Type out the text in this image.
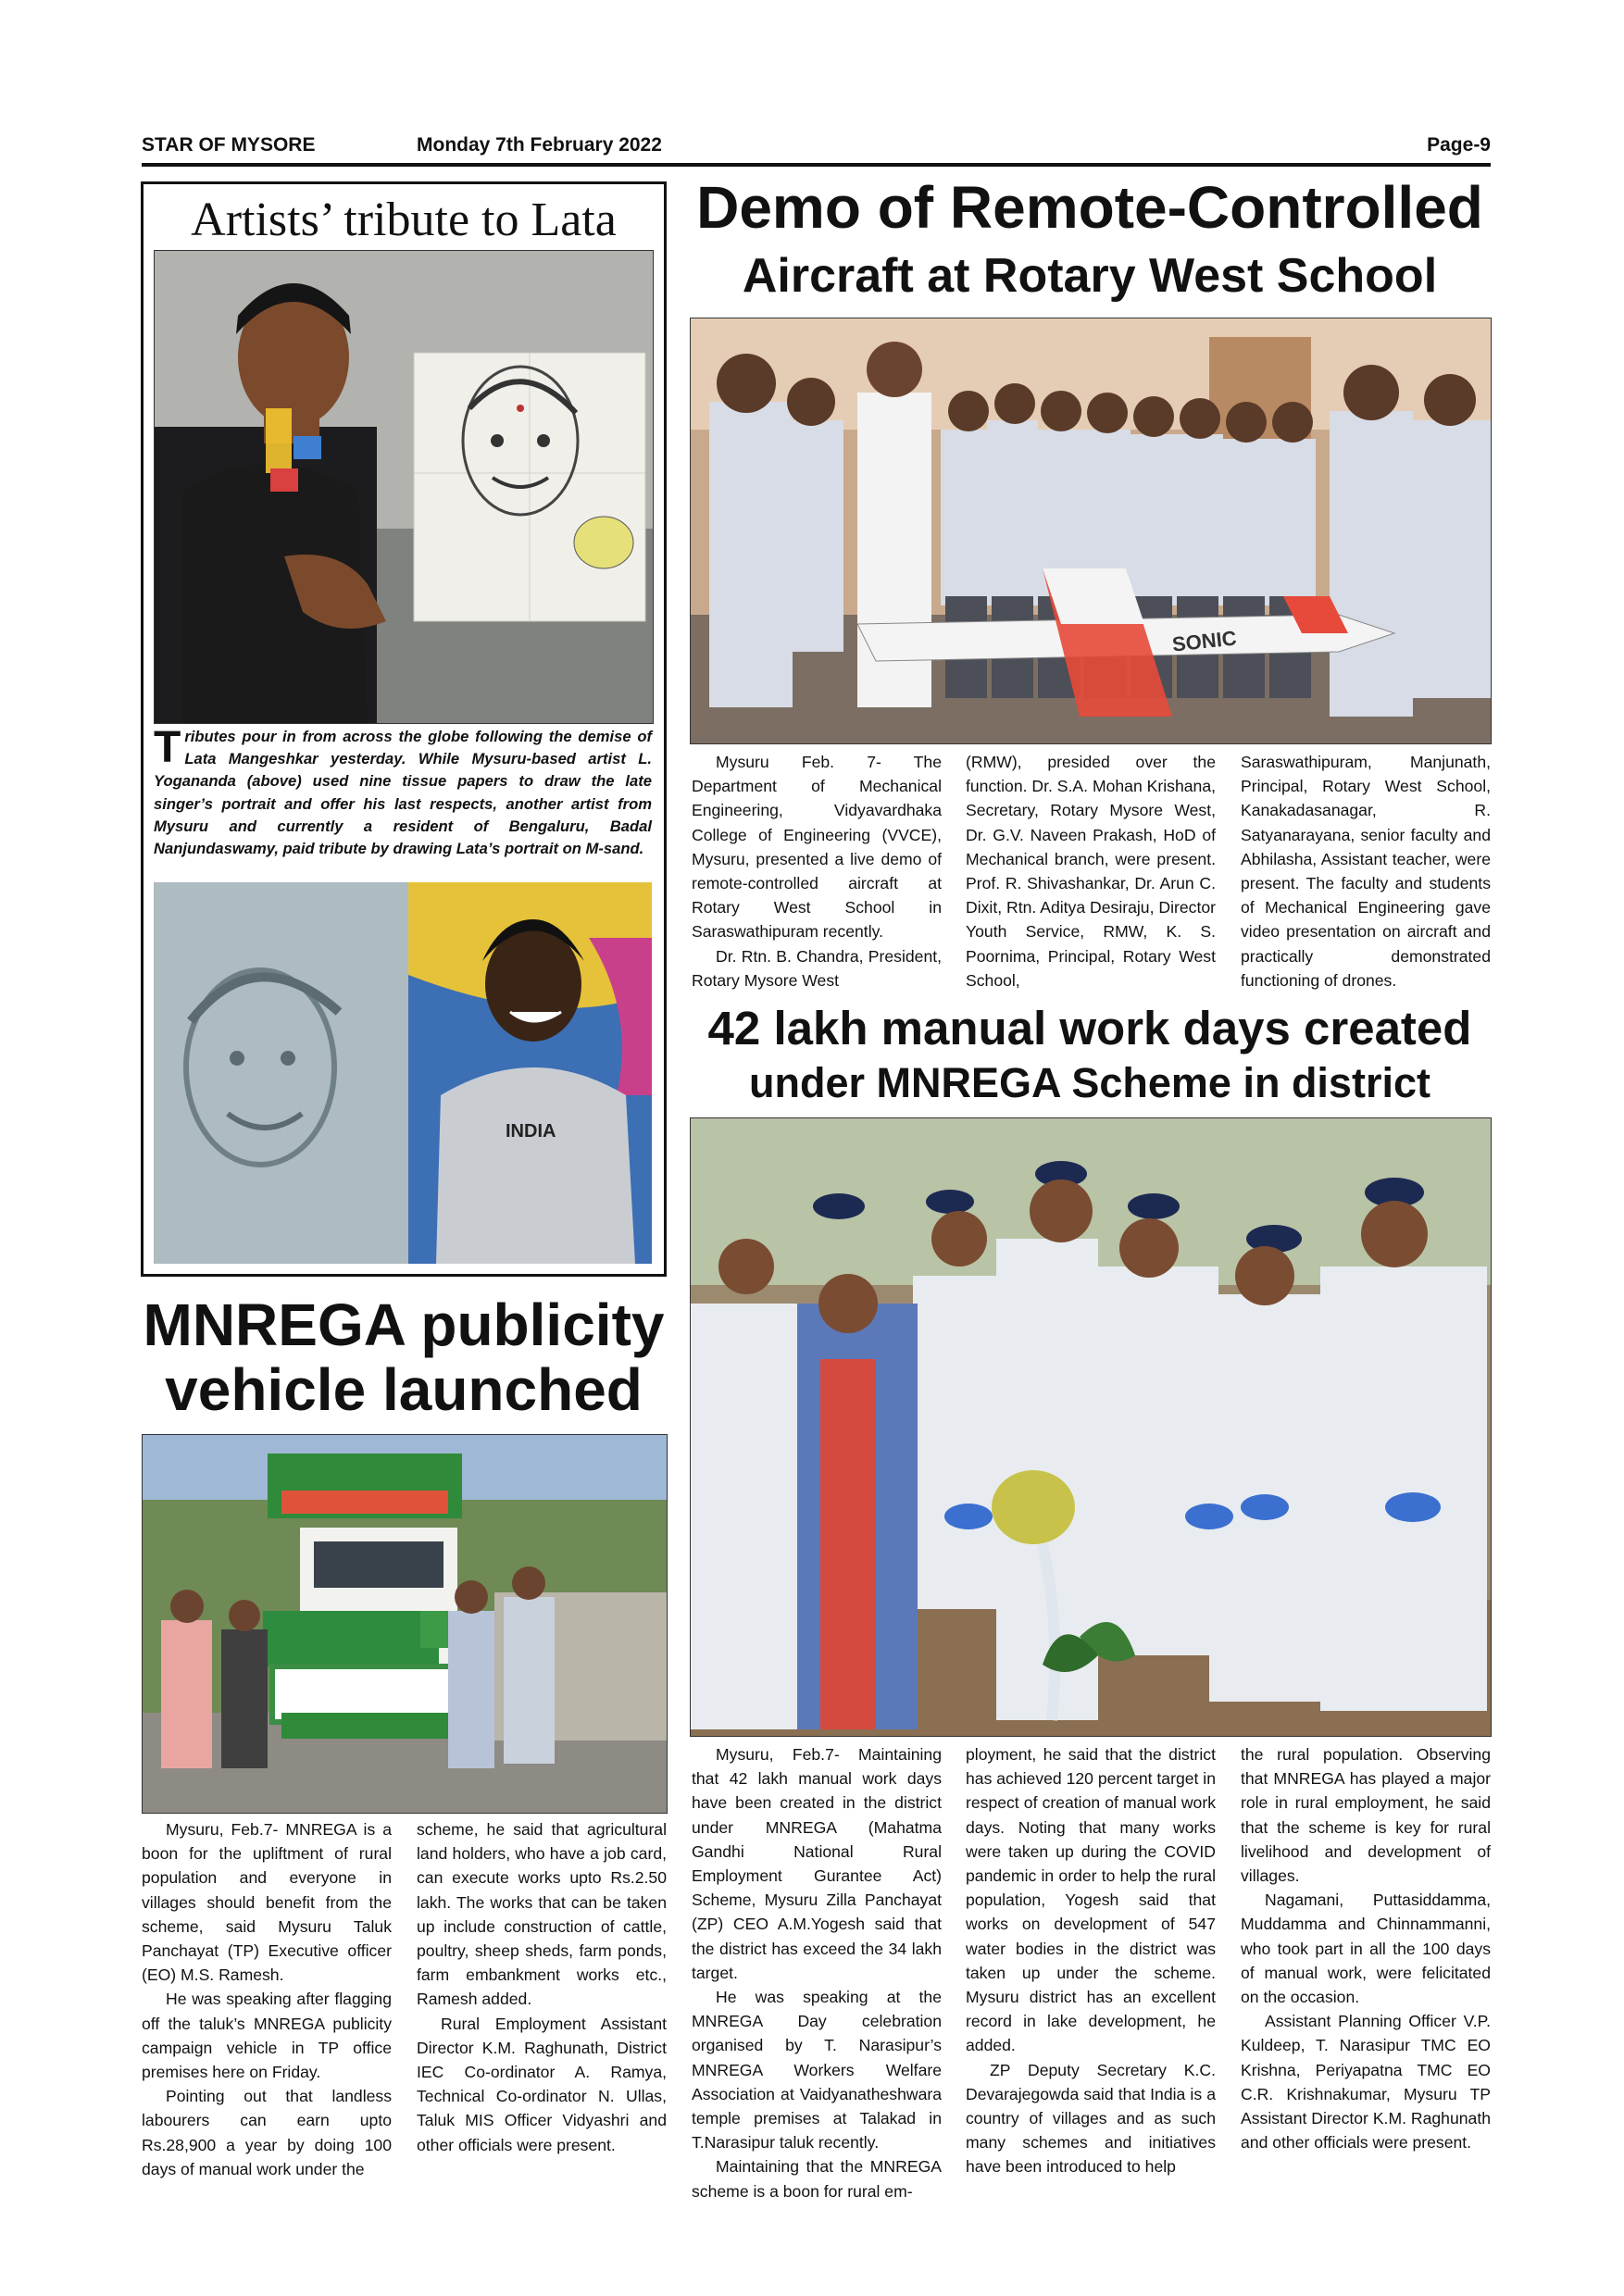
STAR OF MYSORE	Monday 7th February 2022	Page-9
Artists’ tribute to Lata
Tributes pour in from across the globe following the demise of Lata Mangeshkar yesterday. While Mysuru-based artist L. Yogananda (above) used nine tissue papers to draw the late singer’s portrait and offer his last respects, another artist from Mysuru and currently a resident of Bengaluru, Badal Nanjundaswamy, paid tribute by drawing Lata’s portrait on M-sand.
INDIA
Demo of Remote-Controlled
Aircraft at Rotary West School
SONIC

Mysuru Feb. 7- The Department of Mechanical Engineering, Vidyavardhaka College of Engineering (VVCE), Mysuru, presented a live demo of remote-controlled aircraft at Rotary West School in Saraswathipuram recently.

Dr. Rtn. B. Chandra, President, Rotary Mysore West

(RMW), presided over the function. Dr. S.A. Mohan Krishana, Secretary, Rotary Mysore West, Dr. G.V. Naveen Prakash, HoD of Mechanical branch, were present. Prof. R. Shivashankar, Dr. Arun C. Dixit, Rtn. Aditya Desiraju, Director Youth Service, RMW, K. S. Poornima, Principal, Rotary West School,

Saraswathipuram, Manjunath, Principal, Rotary West School, Kanakadasanagar, R. Satyanarayana, senior faculty and Abhilasha, Assistant teacher, were present. The faculty and students of Mechanical Engineering gave video presentation on aircraft and practically demonstrated functioning of drones.

42 lakh manual work days created
under MNREGA Scheme in district

Mysuru, Feb.7- Maintaining that 42 lakh manual work days have been created in the district under MNREGA (Mahatma Gandhi National Rural Employment Gurantee Act) Scheme, Mysuru Zilla Panchayat (ZP) CEO A.M.Yogesh said that the district has exceed the 34 lakh target.

He was speaking at the MNREGA Day celebration organised by T. Narasipur’s MNREGA Workers Welfare Association at Vaidyanatheshwara temple premises at Talakad in T.Narasipur taluk recently.

Maintaining that the MNREGA scheme is a boon for rural em-

ployment, he said that the district has achieved 120 percent target in respect of creation of manual work days. Noting that many works were taken up during the COVID pandemic in order to help the rural population, Yogesh said that works on development of 547 water bodies in the district was taken up under the scheme. Mysuru district has an excellent record in lake development, he added.

ZP Deputy Secretary K.C. Devarajegowda said that India is a country of villages and as such many schemes and initiatives have been introduced to help

the rural population. Observing that MNREGA has played a major role in rural employment, he said that the scheme is key for rural livelihood and development of villages.

Nagamani, Puttasiddamma, Muddamma and Chinnammanni, who took part in all the 100 days of manual work, were felicitated on the occasion.

Assistant Planning Officer V.P. Kuldeep, T. Narasipur TMC EO Krishna, Periyapatna TMC EO C.R. Krishnakumar, Mysuru TP Assistant Director K.M. Raghunath and other officials were present.

MNREGA publicity
vehicle launched

Mysuru, Feb.7- MNREGA is a boon for the upliftment of rural population and everyone in villages should benefit from the scheme, said Mysuru Taluk Panchayat (TP) Executive officer (EO) M.S. Ramesh.

He was speaking after flagging off the taluk’s MNREGA publicity campaign vehicle in TP office premises here on Friday.

Pointing out that landless labourers can earn upto Rs.28,900 a year by doing 100 days of manual work under the

scheme, he said that agricultural land holders, who have a job card, can execute works upto Rs.2.50 lakh. The works that can be taken up include construction of cattle, poultry, sheep sheds, farm ponds, farm embankment works etc., Ramesh added.

Rural Employment Assistant Director K.M. Raghunath, District IEC Co-ordinator A. Ramya, Technical Co-ordinator N. Ullas, Taluk MIS Officer Vidyashri and other officials were present.
